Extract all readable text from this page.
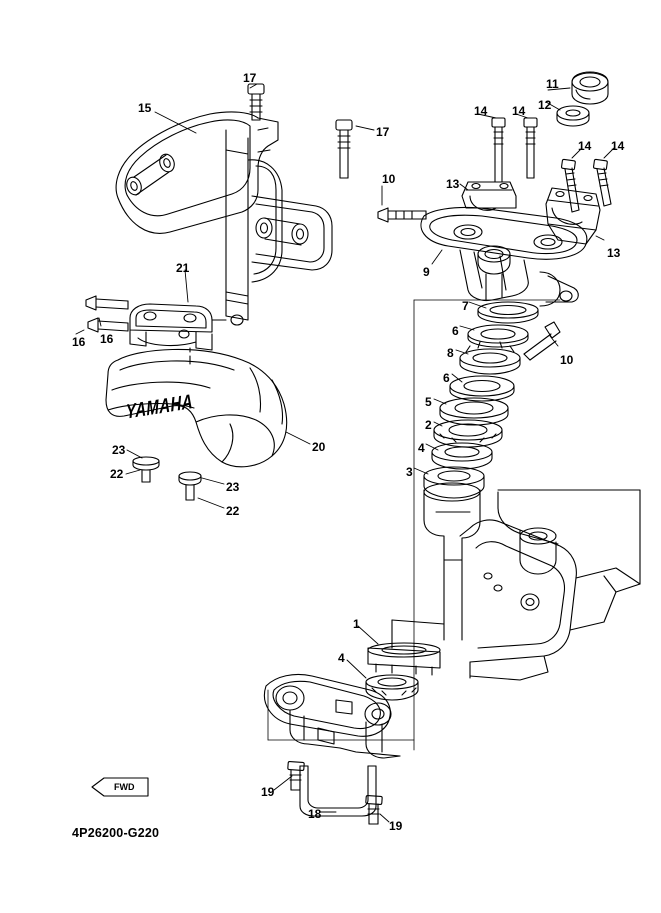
YAMAHA
FWD
4P26200-G220
17	11
15	14 14 12
17
14 14
10	13
13
9
21
7
16 16
6
10
8
6
5
2
4
3
20
23
22
23
22
1
4
19
18
19
